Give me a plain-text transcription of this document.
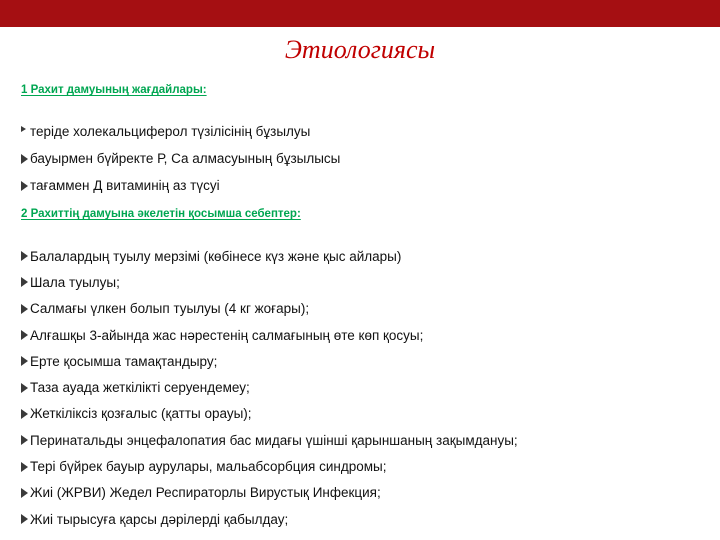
Этиологиясы
1 Рахит дамуының жағдайлары:
теріде холекальциферол түзілісінің бұзылуы
бауырмен бүйректе Р, Са алмасуының бұзылысы
тағаммен Д витаминің аз түсуі
2 Рахиттің дамуына әкелетін қосымша себептер:
Балалардың туылу мерзімі (көбінесе күз және қыс айлары)
Шала туылуы;
Салмағы үлкен болып туылуы (4 кг жоғары);
Алғашқы 3-айында жас нәрестенің салмағының өте көп қосуы;
Ерте қосымша тамақтандыру;
Таза ауада жеткілікті серуендемеу;
Жеткіліксіз қозғалыс (қатты орауы);
Перинатальды энцефалопатия бас мидағы үшінші қарыншаның зақымдануы;
Тері бүйрек бауыр аурулары, мальабсорбция синдромы;
Жиі (ЖРВИ) Жедел Респираторлы Вирустық Инфекция;
Жиі тырысуға қарсы дәрілерді қабылдау;
